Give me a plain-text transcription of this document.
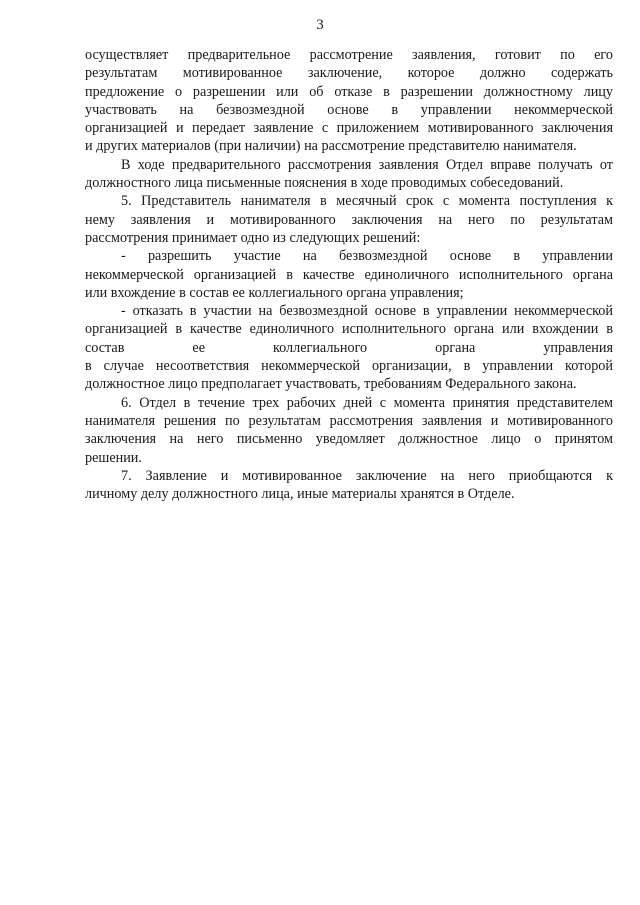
3
осуществляет предварительное рассмотрение заявления, готовит по его
результатам мотивированное заключение, которое должно содержать
предложение о разрешении или об отказе в разрешении должностному лицу
участвовать на безвозмездной основе в управлении некоммерческой
организацией и передает заявление с приложением мотивированного заключения
и других материалов (при наличии) на рассмотрение представителю нанимателя.
В ходе предварительного рассмотрения заявления Отдел вправе получать от
должностного лица письменные пояснения в ходе проводимых собеседований.
5. Представитель нанимателя в месячный срок с момента поступления к
нему заявления и мотивированного заключения на него по результатам
рассмотрения принимает одно из следующих решений:
- разрешить участие на безвозмездной основе в управлении
некоммерческой организацией в качестве единоличного исполнительного органа
или вхождение в состав ее коллегиального органа управления;
- отказать в участии на безвозмездной основе в управлении некоммерческой
организацией в качестве единоличного исполнительного органа или вхождении в
состав ее коллегиального органа управления
в случае несоответствия некоммерческой организации, в управлении которой
должностное лицо предполагает участвовать, требованиям Федерального закона.
6. Отдел в течение трех рабочих дней с момента принятия представителем
нанимателя решения по результатам рассмотрения заявления и мотивированного
заключения на него письменно уведомляет должностное лицо о принятом
решении.
7. Заявление и мотивированное заключение на него приобщаются к
личному делу должностного лица, иные материалы хранятся в Отделе.
